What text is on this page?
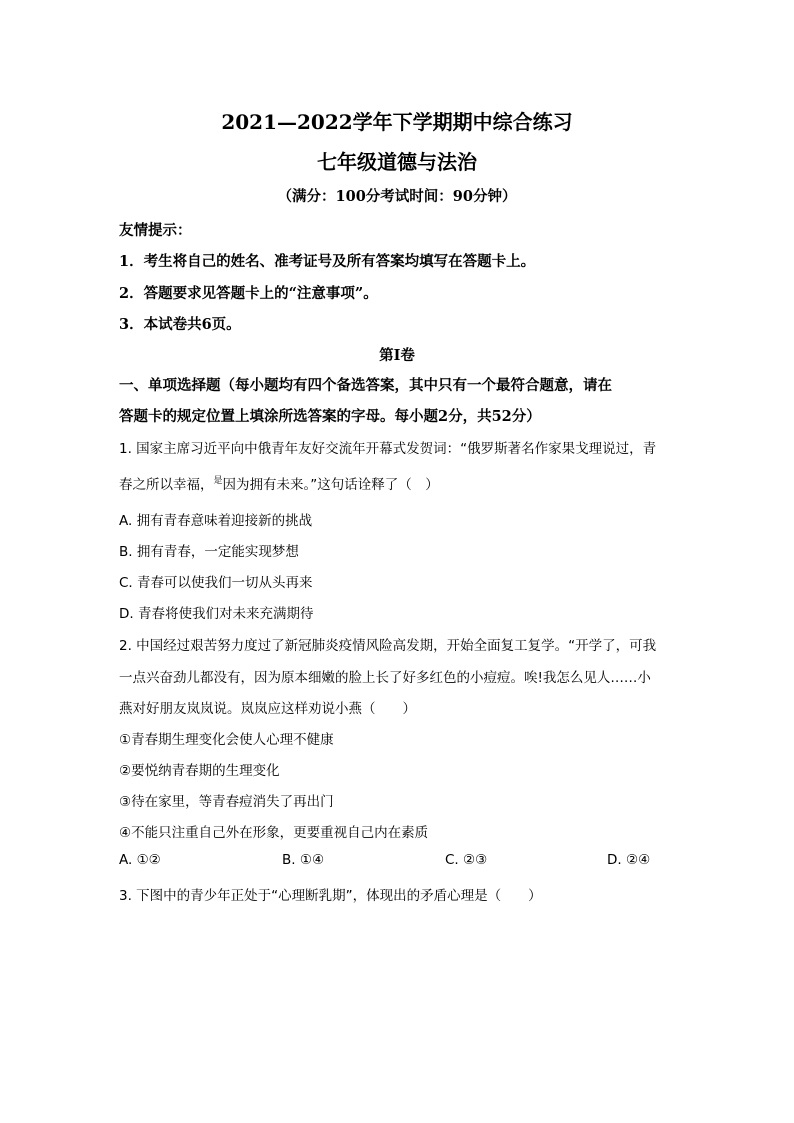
2021—2022学年下学期期中综合练习
七年级道德与法治
（满分：100分考试时间：90分钟）
友情提示：
1．考生将自己的姓名、准考证号及所有答案均填写在答题卡上。
2．答题要求见答题卡上的“注意事项”。
3．本试卷共6页。
第I卷
一、单项选择题（每小题均有四个备选答案，其中只有一个最符合题意，请在
答题卡的规定位置上填涂所选答案的字母。每小题2分，共52分）
1. 国家主席习近平向中俄青年友好交流年开幕式发贺词：“俄罗斯著名作家果戈理说过，青
春之所以幸福，$^是$因为拥有未来。”这句话诠释了（　）
A. 拥有青春意味着迎接新的挑战
B. 拥有青春，一定能实现梦想
C. 青春可以使我们一切从头再来
D. 青春将使我们对未来充满期待
2. 中国经过艰苦努力度过了新冠肺炎疫情风险高发期，开始全面复工复学。“开学了，可我
一点兴奋劲儿都没有，因为原本细嫩的脸上长了好多红色的小痘痘。唉!我怎么见人……小
燕对好朋友岚岚说。岚岚应这样劝说小燕（　　）
①青春期生理变化会使人心理不健康
②要悦纳青春期的生理变化
③待在家里，等青春痘消失了再出门
④不能只注重自己外在形象，更要重视自己内在素质
A. ①②	B. ①④	C. ②③	D. ②④
3. 下图中的青少年正处于“心理断乳期”，体现出的矛盾心理是（　　）
